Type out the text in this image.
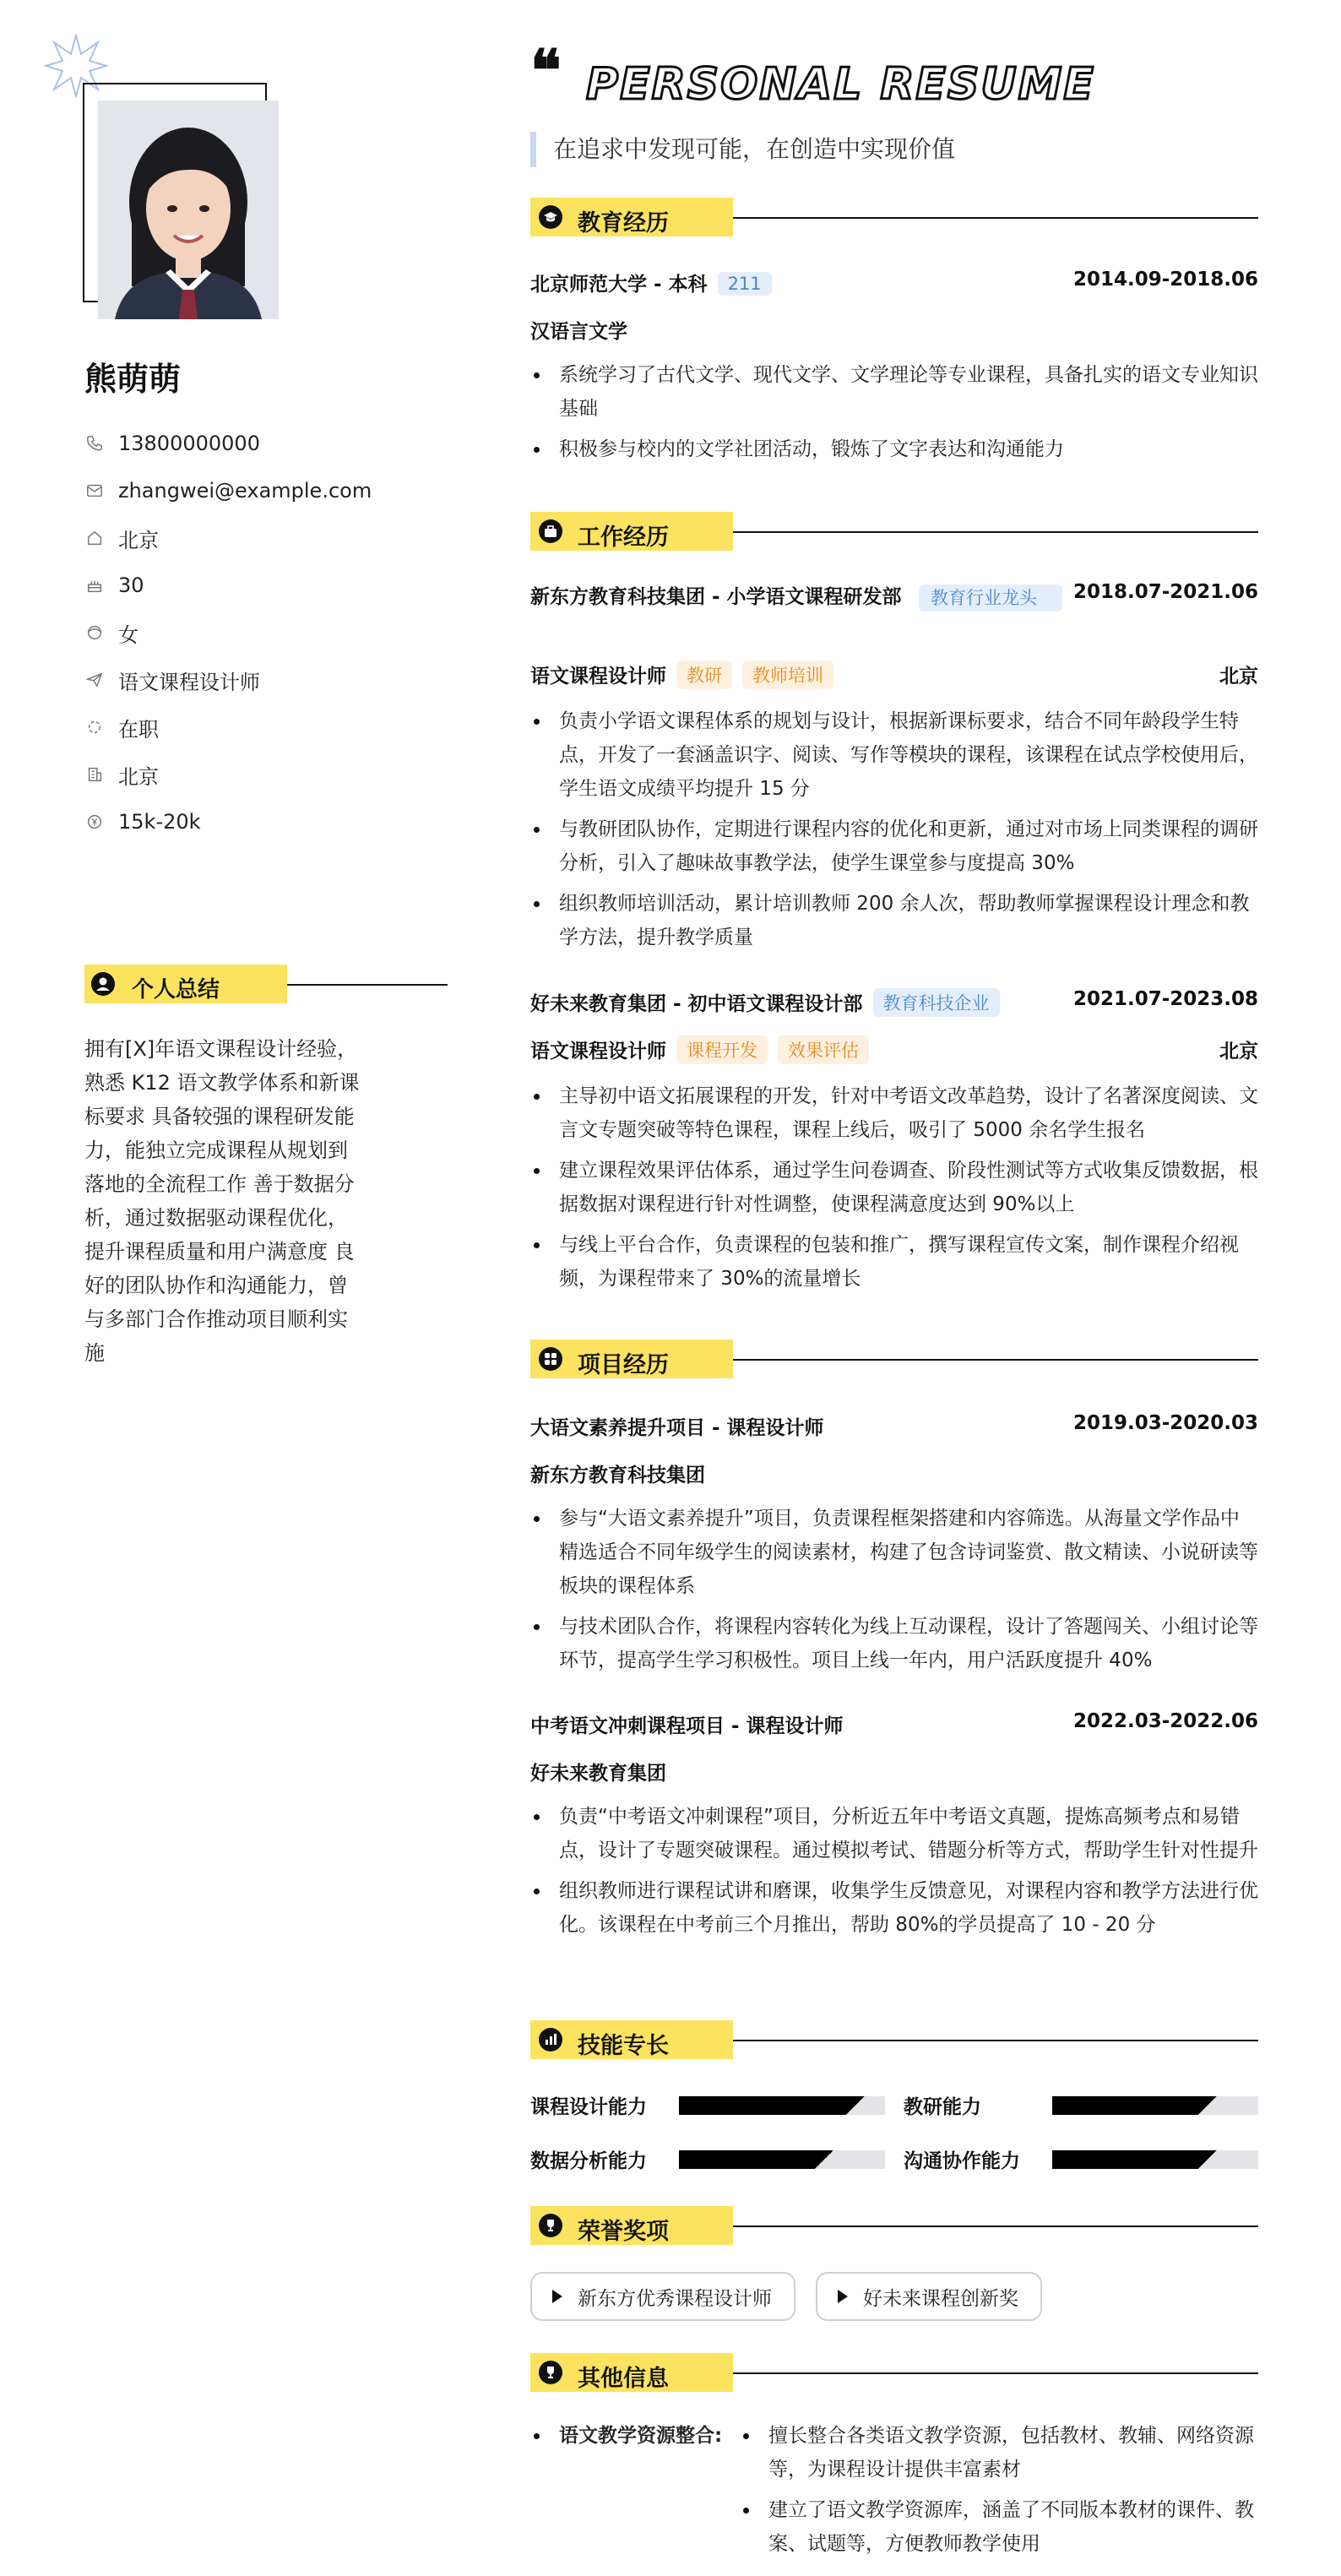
熊萌萌
13800000000
zhangwei@example.com
北京
30
女
语文课程设计师
在职
北京
15k-20k
个人总结
拥有[X]年语文课程设计经验，熟悉 K12 语文教学体系和新课标要求 具备较强的课程研发能力，能独立完成课程从规划到落地的全流程工作 善于数据分析，通过数据驱动课程优化，提升课程质量和用户满意度 良好的团队协作和沟通能力，曾与多部门合作推动项目顺利实施
❝ PERSONAL RESUME
在追求中发现可能，在创造中实现价值
教育经历
北京师范大学 - 本科 211	2014.09-2018.06
汉语言文学
系统学习了古代文学、现代文学、文学理论等专业课程，具备扎实的语文专业知识基础
积极参与校内的文学社团活动，锻炼了文字表达和沟通能力
工作经历
新东方教育科技集团 - 小学语文课程研发部	教育行业龙头	2018.07-2021.06
语文课程设计师 教研 教师培训	北京
负责小学语文课程体系的规划与设计，根据新课标要求，结合不同年龄段学生特点，开发了一套涵盖识字、阅读、写作等模块的课程，该课程在试点学校使用后，学生语文成绩平均提升 15 分
与教研团队协作，定期进行课程内容的优化和更新，通过对市场上同类课程的调研分析，引入了趣味故事教学法，使学生课堂参与度提高 30%
组织教师培训活动，累计培训教师 200 余人次，帮助教师掌握课程设计理念和教学方法，提升教学质量
好未来教育集团 - 初中语文课程设计部 教育科技企业	2021.07-2023.08
语文课程设计师 课程开发 效果评估	北京
主导初中语文拓展课程的开发，针对中考语文改革趋势，设计了名著深度阅读、文言文专题突破等特色课程，课程上线后，吸引了 5000 余名学生报名
建立课程效果评估体系，通过学生问卷调查、阶段性测试等方式收集反馈数据，根据数据对课程进行针对性调整，使课程满意度达到 90%以上
与线上平台合作，负责课程的包装和推广，撰写课程宣传文案，制作课程介绍视频，为课程带来了 30%的流量增长
项目经历
大语文素养提升项目 - 课程设计师	2019.03-2020.03
新东方教育科技集团
参与“大语文素养提升”项目，负责课程框架搭建和内容筛选。从海量文学作品中精选适合不同年级学生的阅读素材，构建了包含诗词鉴赏、散文精读、小说研读等板块的课程体系
与技术团队合作，将课程内容转化为线上互动课程，设计了答题闯关、小组讨论等环节，提高学生学习积极性。项目上线一年内，用户活跃度提升 40%
中考语文冲刺课程项目 - 课程设计师	2022.03-2022.06
好未来教育集团
负责“中考语文冲刺课程”项目，分析近五年中考语文真题，提炼高频考点和易错点，设计了专题突破课程。通过模拟考试、错题分析等方式，帮助学生针对性提升
组织教师进行课程试讲和磨课，收集学生反馈意见，对课程内容和教学方法进行优化。该课程在中考前三个月推出，帮助 80%的学员提高了 10 - 20 分
技能专长
课程设计能力	教研能力
数据分析能力	沟通协作能力
荣誉奖项
新东方优秀课程设计师	好未来课程创新奖
其他信息
语文教学资源整合:	擅长整合各类语文教学资源，包括教材、教辅、网络资源等，为课程设计提供丰富素材
建立了语文教学资源库，涵盖了不同版本教材的课件、教案、试题等，方便教师教学使用
